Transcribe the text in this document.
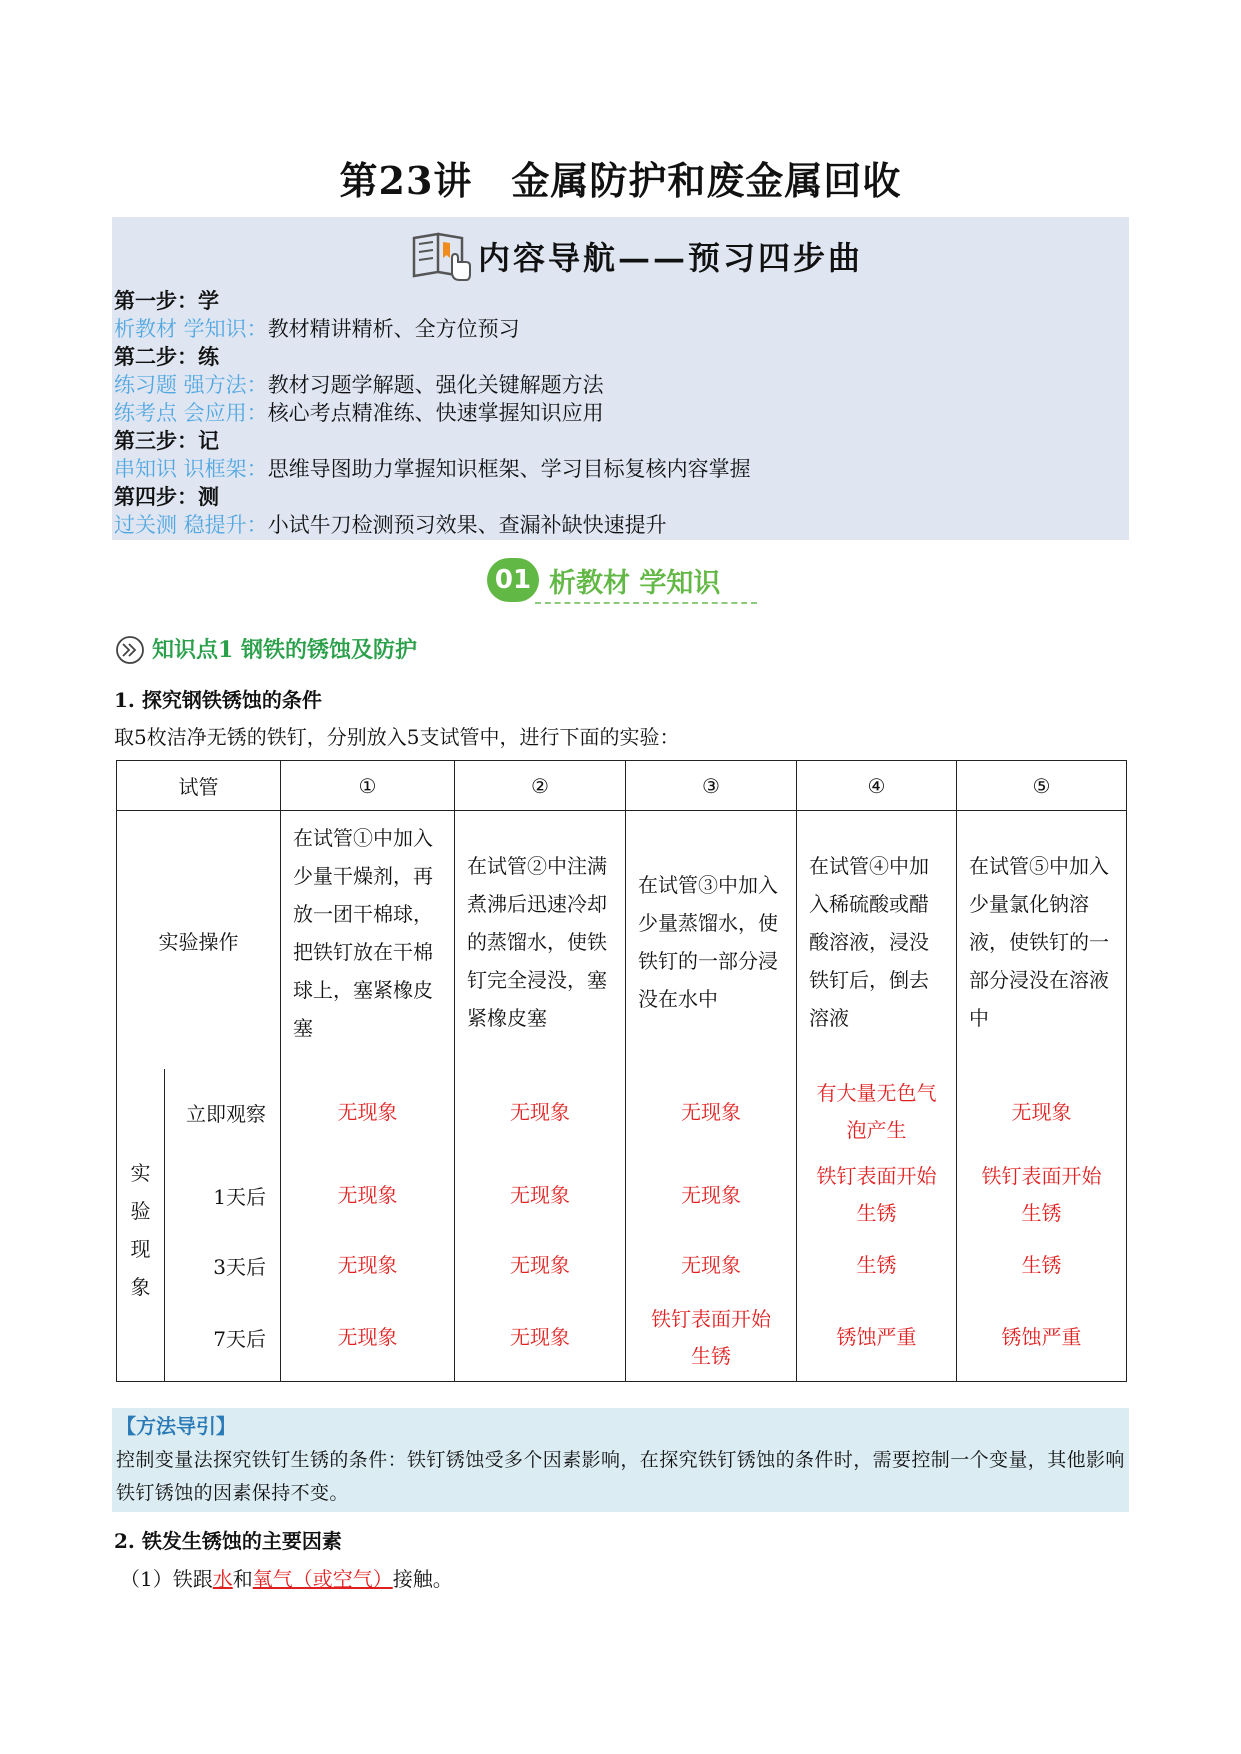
第23讲　金属防护和废金属回收
内容导航——预习四步曲
第一步：学
析教材 学知识：教材精讲精析、全方位预习
第二步：练
练习题 强方法：教材习题学解题、强化关键解题方法
练考点 会应用：核心考点精准练、快速掌握知识应用
第三步：记
串知识 识框架：思维导图助力掌握知识框架、学习目标复核内容掌握
第四步：测
过关测 稳提升：小试牛刀检测预习效果、查漏补缺快速提升
01 析教材 学知识
知识点1 钢铁的锈蚀及防护
1. 探究钢铁锈蚀的条件
取5枚洁净无锈的铁钉，分别放入5支试管中，进行下面的实验：
试管		①	②	③	④	⑤
实验操作		在试管①中加入少量干燥剂，再放一团干棉球，把铁钉放在干棉球上，塞紧橡皮塞	在试管②中注满煮沸后迅速冷却的蒸馏水，使铁钉完全浸没，塞紧橡皮塞	在试管③中加入少量蒸馏水，使铁钉的一部分浸没在水中	在试管④中加入稀硫酸或醋酸溶液，浸没铁钉后，倒去溶液	在试管⑤中加入少量氯化钠溶液，使铁钉的一部分浸没在溶液中
实验现象	立即观察	无现象	无现象	无现象	有大量无色气泡产生	无现象
	1天后	无现象	无现象	无现象	铁钉表面开始生锈	铁钉表面开始生锈

	3天后	无现象	无现象	无现象	生锈	生锈
	7天后	无现象	无现象	铁钉表面开始生锈	锈蚀严重	锈蚀严重
【方法导引】
控制变量法探究铁钉生锈的条件：铁钉锈蚀受多个因素影响，在探究铁钉锈蚀的条件时，需要控制一个变量，其他影响铁钉锈蚀的因素保持不变。
2. 铁发生锈蚀的主要因素
（1）铁跟水和氧气（或空气）接触。
